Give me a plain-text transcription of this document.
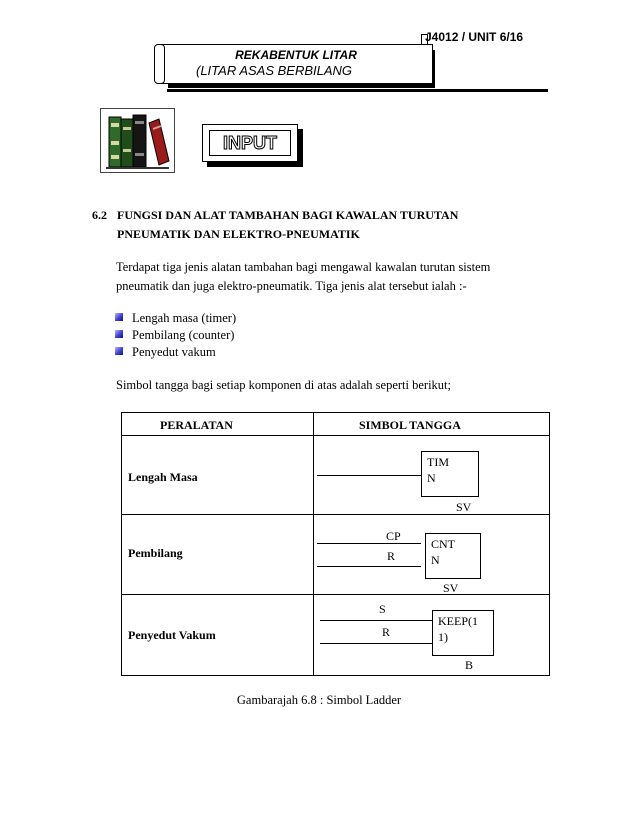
J4012 / UNIT 6/16
REKABENTUK LITAR
(LITAR ASAS BERBILANG
INPUT
6.2 FUNGSI DAN ALAT TAMBAHAN BAGI KAWALAN TURUTAN PNEUMATIK DAN ELEKTRO-PNEUMATIK
Terdapat tiga jenis alatan tambahan bagi mengawal kawalan turutan sistem
pneumatik dan juga elektro-pneumatik. Tiga jenis alat tersebut ialah :-
Lengah masa (timer)
Pembilang (counter)
Penyedut vakum
Simbol tangga bagi setiap komponen di atas adalah seperti berikut;
PERALATAN	SIMBOL TANGGA
Lengah Masa
TIM
N
SV
Pembilang
CP
R
CNT
N
SV
Penyedut Vakum
S
R
KEEP(1
1)
B
Gambarajah 6.8 : Simbol Ladder
